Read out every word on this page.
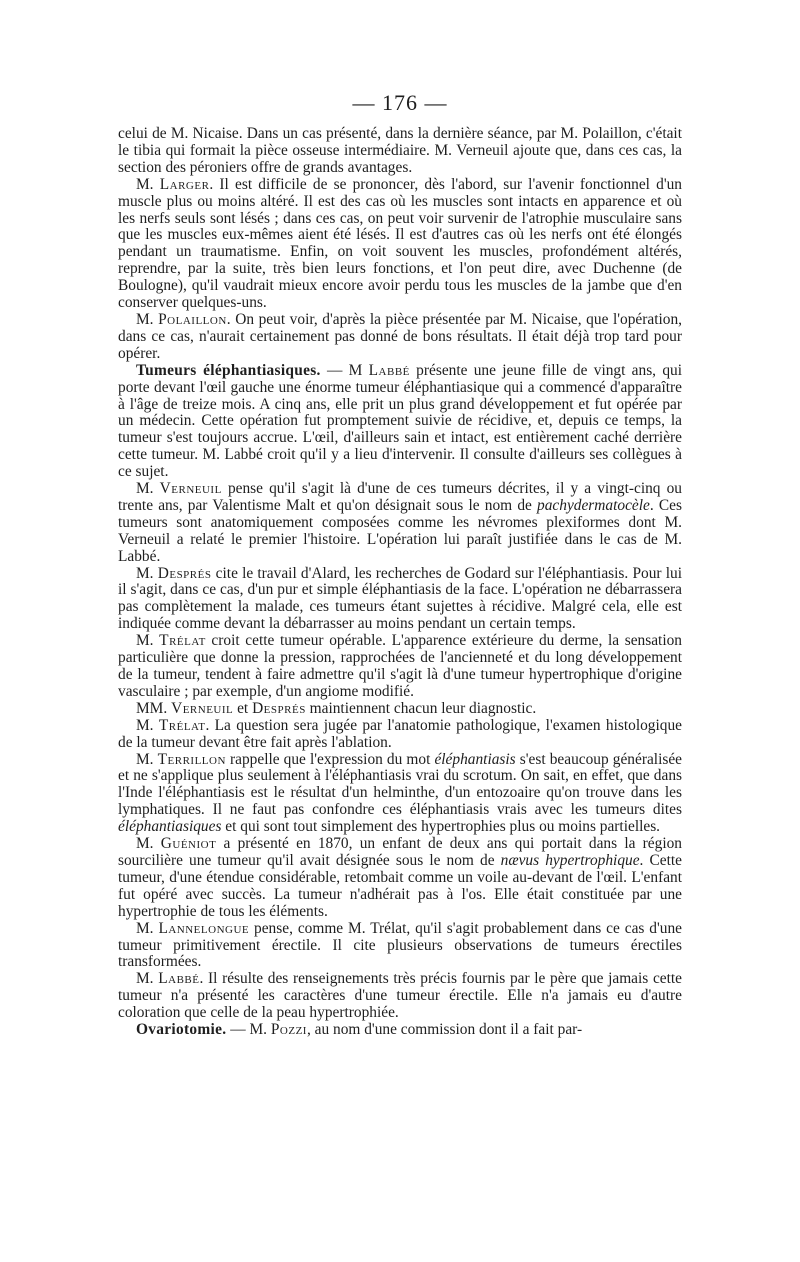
— 176 —

celui de M. Nicaise. Dans un cas présenté, dans la dernière séance, par M. Polaillon, c'était le tibia qui formait la pièce osseuse intermédiaire. M. Verneuil ajoute que, dans ces cas, la section des péroniers offre de grands avantages.

M. Larger. Il est difficile de se prononcer, dès l'abord, sur l'avenir fonctionnel d'un muscle plus ou moins altéré. Il est des cas où les muscles sont intacts en apparence et où les nerfs seuls sont lésés ; dans ces cas, on peut voir survenir de l'atrophie musculaire sans que les muscles eux-mêmes aient été lésés. Il est d'autres cas où les nerfs ont été élongés pendant un traumatisme. Enfin, on voit souvent les muscles, profondément altérés, reprendre, par la suite, très bien leurs fonctions, et l'on peut dire, avec Duchenne (de Boulogne), qu'il vaudrait mieux encore avoir perdu tous les muscles de la jambe que d'en conserver quelques-uns.

M. Polaillon. On peut voir, d'après la pièce présentée par M. Nicaise, que l'opération, dans ce cas, n'aurait certainement pas donné de bons résultats. Il était déjà trop tard pour opérer.

Tumeurs éléphantiasiques. — M Labbé présente une jeune fille de vingt ans, qui porte devant l'œil gauche une énorme tumeur éléphantiasique qui a commencé d'apparaître à l'âge de treize mois. A cinq ans, elle prit un plus grand développement et fut opérée par un médecin. Cette opération fut promptement suivie de récidive, et, depuis ce temps, la tumeur s'est toujours accrue. L'œil, d'ailleurs sain et intact, est entièrement caché derrière cette tumeur. M. Labbé croit qu'il y a lieu d'intervenir. Il consulte d'ailleurs ses collègues à ce sujet.

M. Verneuil pense qu'il s'agit là d'une de ces tumeurs décrites, il y a vingt-cinq ou trente ans, par Valentisme Malt et qu'on désignait sous le nom de pachydermatocèle. Ces tumeurs sont anatomiquement composées comme les névromes plexiformes dont M. Verneuil a relaté le premier l'histoire. L'opération lui paraît justifiée dans le cas de M. Labbé.

M. Després cite le travail d'Alard, les recherches de Godard sur l'éléphantiasis. Pour lui il s'agit, dans ce cas, d'un pur et simple éléphantiasis de la face. L'opération ne débarrassera pas complètement la malade, ces tumeurs étant sujettes à récidive. Malgré cela, elle est indiquée comme devant la débarrasser au moins pendant un certain temps.

M. Trélat croit cette tumeur opérable. L'apparence extérieure du derme, la sensation particulière que donne la pression, rapprochées de l'ancienneté et du long développement de la tumeur, tendent à faire admettre qu'il s'agit là d'une tumeur hypertrophique d'origine vasculaire ; par exemple, d'un angiome modifié.

MM. Verneuil et Després maintiennent chacun leur diagnostic.

M. Trélat. La question sera jugée par l'anatomie pathologique, l'examen histologique de la tumeur devant être fait après l'ablation.

M. Terrillon rappelle que l'expression du mot éléphantiasis s'est beaucoup généralisée et ne s'applique plus seulement à l'éléphantiasis vrai du scrotum. On sait, en effet, que dans l'Inde l'éléphantiasis est le résultat d'un helminthe, d'un entozoaire qu'on trouve dans les lymphatiques. Il ne faut pas confondre ces éléphantiasis vrais avec les tumeurs dites éléphantiasiques et qui sont tout simplement des hypertrophies plus ou moins partielles.

M. Guéniot a présenté en 1870, un enfant de deux ans qui portait dans la région sourcilière une tumeur qu'il avait désignée sous le nom de nævus hypertrophique. Cette tumeur, d'une étendue considérable, retombait comme un voile au-devant de l'œil. L'enfant fut opéré avec succès. La tumeur n'adhérait pas à l'os. Elle était constituée par une hypertrophie de tous les éléments.

M. Lannelongue pense, comme M. Trélat, qu'il s'agit probablement dans ce cas d'une tumeur primitivement érectile. Il cite plusieurs observations de tumeurs érectiles transformées.

M. Labbé. Il résulte des renseignements très précis fournis par le père que jamais cette tumeur n'a présenté les caractères d'une tumeur érectile. Elle n'a jamais eu d'autre coloration que celle de la peau hypertrophiée.

Ovariotomie. — M. Pozzi, au nom d'une commission dont il a fait par-
